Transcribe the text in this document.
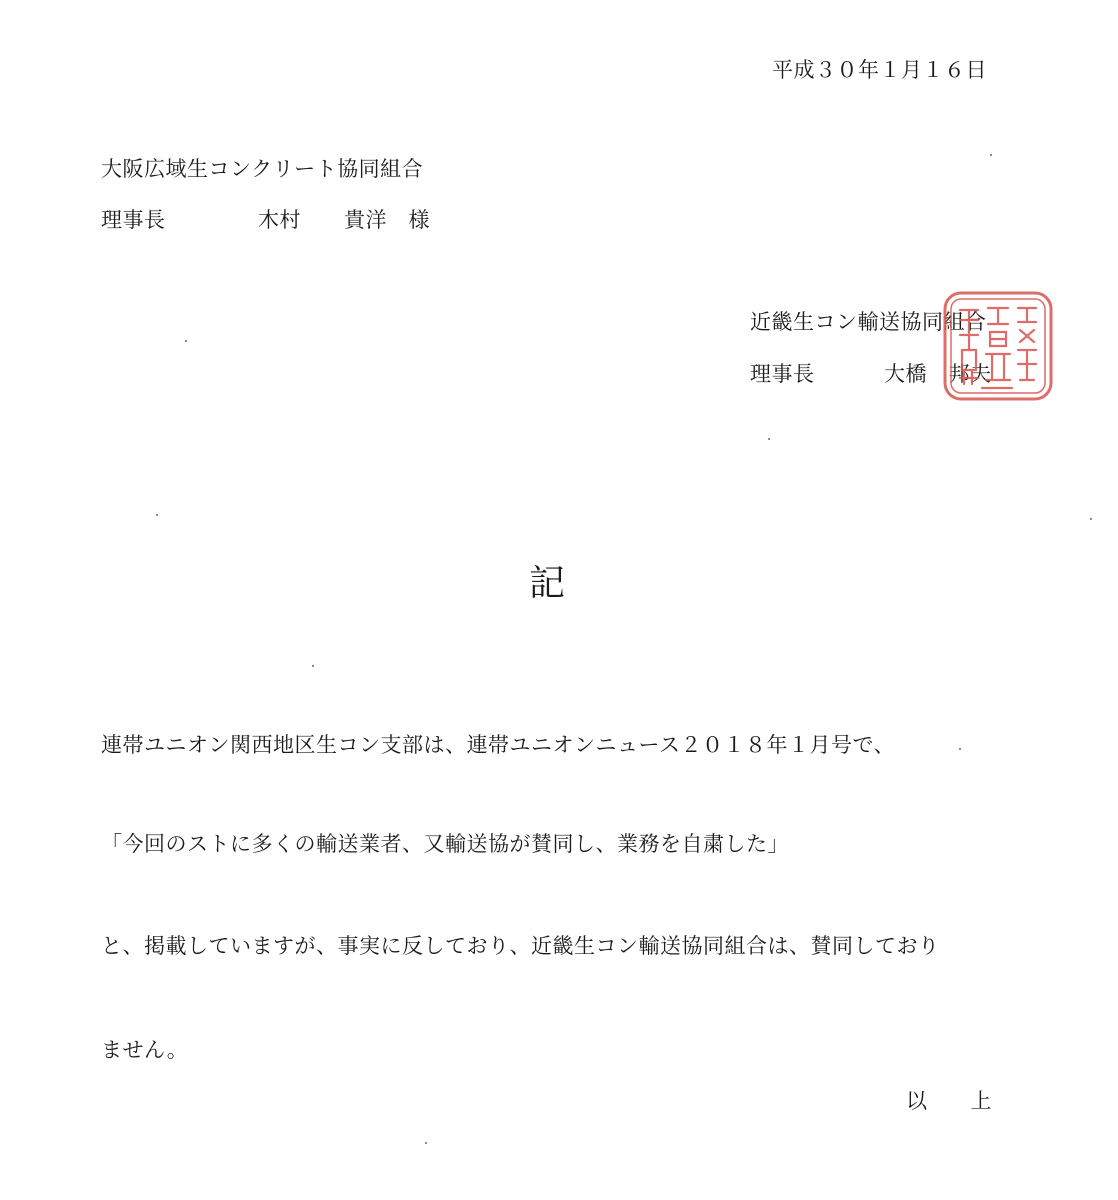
平成３０年１月１６日
大阪広域生コンクリート協同組合
理事長	木村　　貴洋　様
近畿生コン輸送協同組合
理事長	大橋　邦夫
記
連帯ユニオン関西地区生コン支部は、連帯ユニオンニュース２０１８年１月号で、
「今回のストに多くの輸送業者、又輸送協が賛同し、業務を自粛した」
と、掲載していますが、事実に反しており、近畿生コン輸送協同組合は、賛同しており
ません。
以　　上
